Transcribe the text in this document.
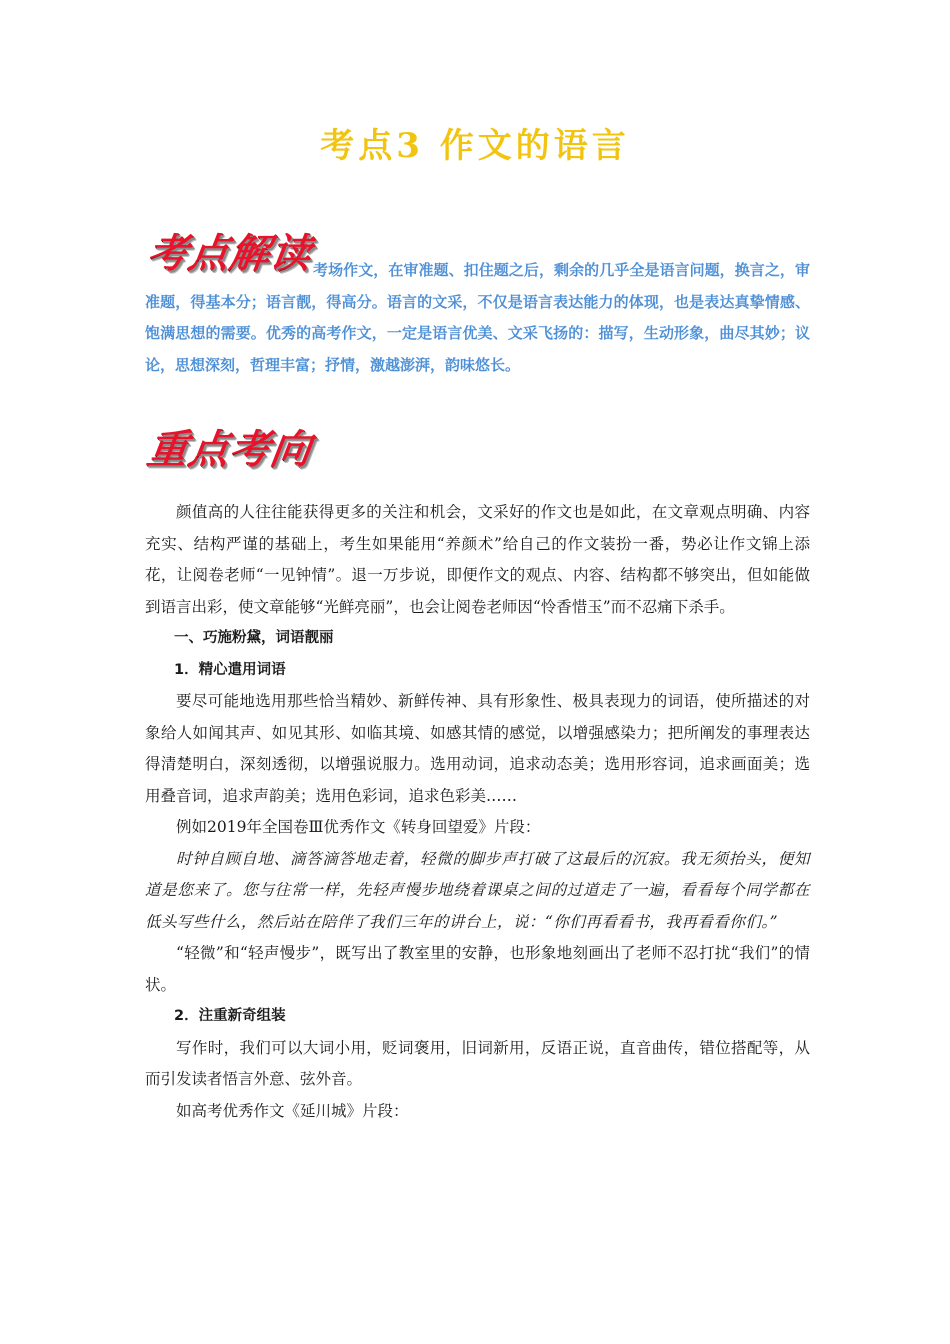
考点3 作文的语言
考点解读

考场作文，在审准题、扣住题之后，剩余的几乎全是语言问题，换言之，审准题，得基本分；语言靓，得高分。语言的文采，不仅是语言表达能力的体现，也是表达真挚情感、饱满思想的需要。优秀的高考作文，一定是语言优美、文采飞扬的：描写，生动形象，曲尽其妙；议论，思想深刻，哲理丰富；抒情，激越澎湃，韵味悠长。

重点考向

颜值高的人往往能获得更多的关注和机会，文采好的作文也是如此，在文章观点明确、内容充实、结构严谨的基础上，考生如果能用“养颜术”给自己的作文装扮一番，势必让作文锦上添花，让阅卷老师“一见钟情”。退一万步说，即便作文的观点、内容、结构都不够突出，但如能做到语言出彩，使文章能够“光鲜亮丽”，也会让阅卷老师因“怜香惜玉”而不忍痛下杀手。

一、巧施粉黛，词语靓丽

1．精心遣用词语

要尽可能地选用那些恰当精妙、新鲜传神、具有形象性、极具表现力的词语，使所描述的对象给人如闻其声、如见其形、如临其境、如感其情的感觉，以增强感染力；把所阐发的事理表达得清楚明白，深刻透彻，以增强说服力。选用动词，追求动态美；选用形容词，追求画面美；选用叠音词，追求声韵美；选用色彩词，追求色彩美……

例如2019年全国卷Ⅲ优秀作文《转身回望爱》片段：

时钟自顾自地、滴答滴答地走着，轻微的脚步声打破了这最后的沉寂。我无须抬头，便知道是您来了。您与往常一样，先轻声慢步地绕着课桌之间的过道走了一遍，看看每个同学都在低头写些什么，然后站在陪伴了我们三年的讲台上，说：“你们再看看书，我再看看你们。”

“轻微”和“轻声慢步”，既写出了教室里的安静，也形象地刻画出了老师不忍打扰“我们”的情状。

2．注重新奇组装

写作时，我们可以大词小用，贬词褒用，旧词新用，反语正说，直音曲传，错位搭配等，从而引发读者悟言外意、弦外音。

如高考优秀作文《延川城》片段：
